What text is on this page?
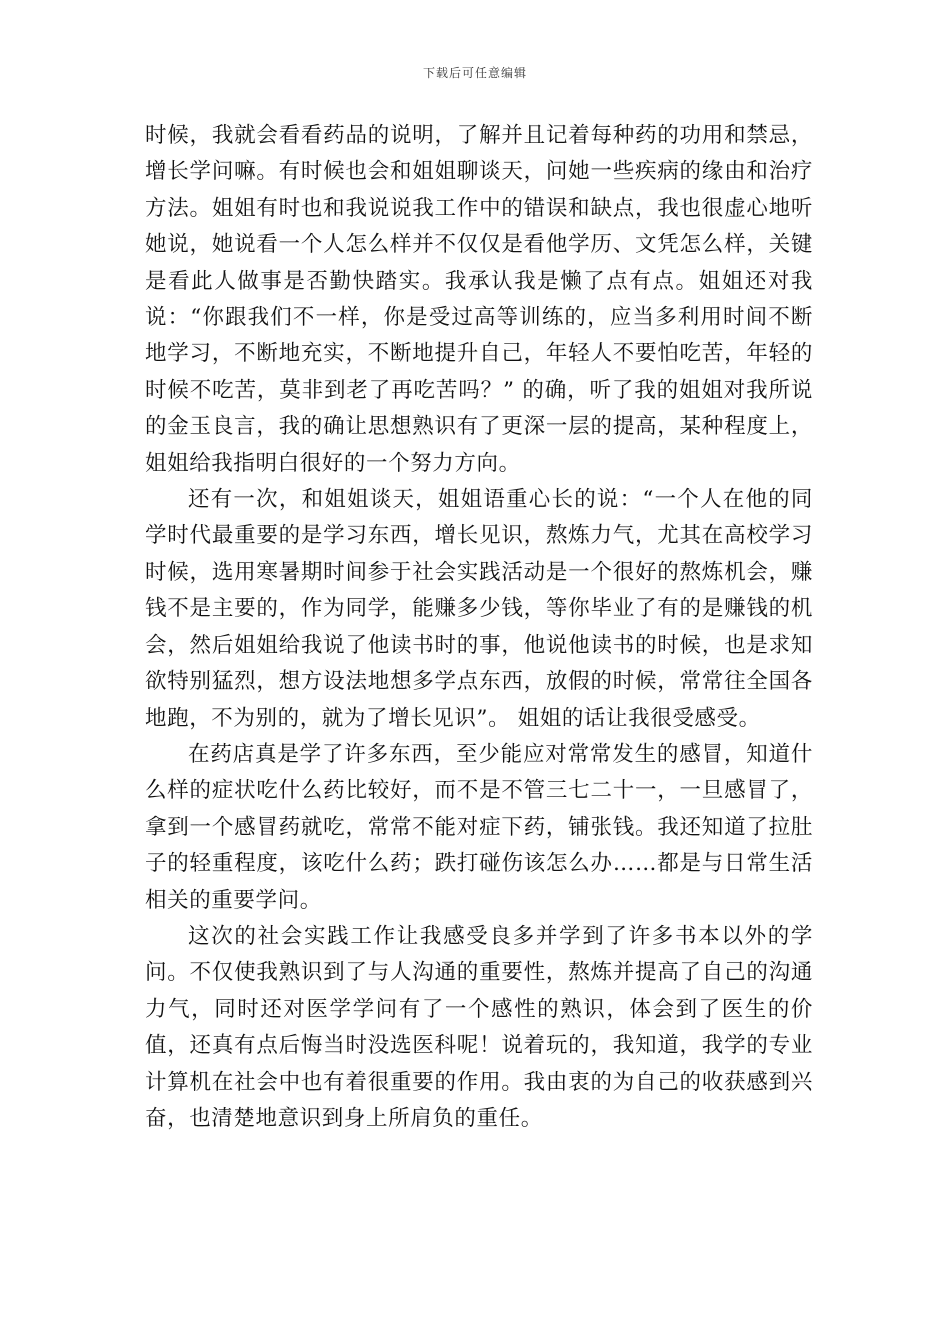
下载后可任意编辑

时候，我就会看看药品的说明，了解并且记着每种药的功用和禁忌，增长学问嘛。有时候也会和姐姐聊谈天，问她一些疾病的缘由和治疗方法。姐姐有时也和我说说我工作中的错误和缺点，我也很虚心地听她说，她说看一个人怎么样并不仅仅是看他学历、文凭怎么样，关键是看此人做事是否勤快踏实。我承认我是懒了点有点。姐姐还对我说：“你跟我们不一样，你是受过高等训练的，应当多利用时间不断地学习，不断地充实，不断地提升自己，年轻人不要怕吃苦，年轻的时候不吃苦，莫非到老了再吃苦吗？” 的确，听了我的姐姐对我所说的金玉良言，我的确让思想熟识有了更深一层的提高，某种程度上，姐姐给我指明白很好的一个努力方向。

还有一次，和姐姐谈天，姐姐语重心长的说：“一个人在他的同学时代最重要的是学习东西，增长见识，熬炼力气，尤其在高校学习时候，选用寒暑期时间参于社会实践活动是一个很好的熬炼机会，赚钱不是主要的，作为同学，能赚多少钱，等你毕业了有的是赚钱的机会，然后姐姐给我说了他读书时的事，他说他读书的时候，也是求知欲特别猛烈，想方设法地想多学点东西，放假的时候，常常往全国各地跑，不为别的，就为了增长见识”。 姐姐的话让我很受感受。

在药店真是学了许多东西，至少能应对常常发生的感冒，知道什么样的症状吃什么药比较好，而不是不管三七二十一，一旦感冒了，拿到一个感冒药就吃，常常不能对症下药，铺张钱。我还知道了拉肚子的轻重程度，该吃什么药；跌打碰伤该怎么办……都是与日常生活相关的重要学问。

这次的社会实践工作让我感受良多并学到了许多书本以外的学问。不仅使我熟识到了与人沟通的重要性，熬炼并提高了自己的沟通力气，同时还对医学学问有了一个感性的熟识，体会到了医生的价值，还真有点后悔当时没选医科呢！说着玩的，我知道，我学的专业计算机在社会中也有着很重要的作用。我由衷的为自己的收获感到兴奋，也清楚地意识到身上所肩负的重任。
